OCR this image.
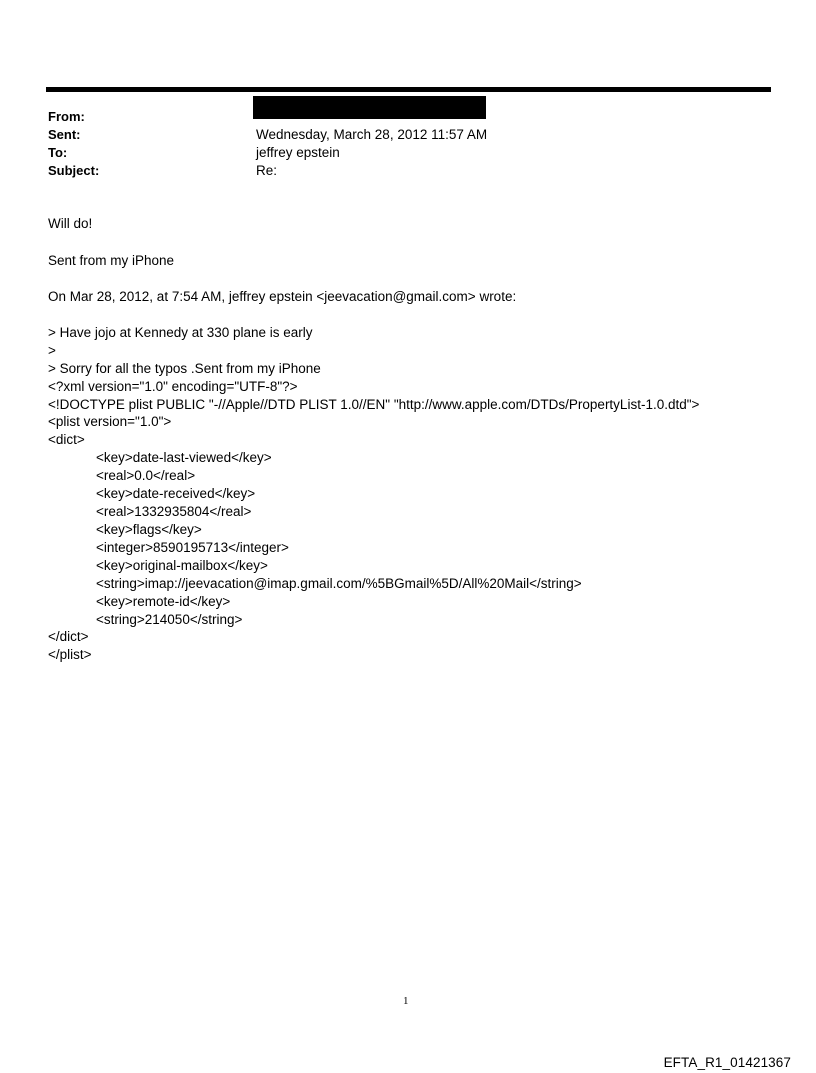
From:
Sent:
To:
Subject:
Wednesday, March 28, 2012 11:57 AM
jeffrey epstein
Re:
Will do!
Sent from my iPhone
On Mar 28, 2012, at 7:54 AM, jeffrey epstein <jeevacation@gmail.com> wrote:
> Have jojo at Kennedy at 330 plane is early
>
> Sorry for all the typos .Sent from my iPhone
<?xml version="1.0" encoding="UTF-8"?>
<!DOCTYPE plist PUBLIC "-//Apple//DTD PLIST 1.0//EN" "http://www.apple.com/DTDs/PropertyList-1.0.dtd">
<plist version="1.0">
<dict>
<key>date-last-viewed</key>
<real>0.0</real>
<key>date-received</key>
<real>1332935804</real>
<key>flags</key>
<integer>8590195713</integer>
<key>original-mailbox</key>
<string>imap://jeevacation@imap.gmail.com/%5BGmail%5D/All%20Mail</string>
<key>remote-id</key>
<string>214050</string>
</dict>
</plist>
1
EFTA_R1_01421367
